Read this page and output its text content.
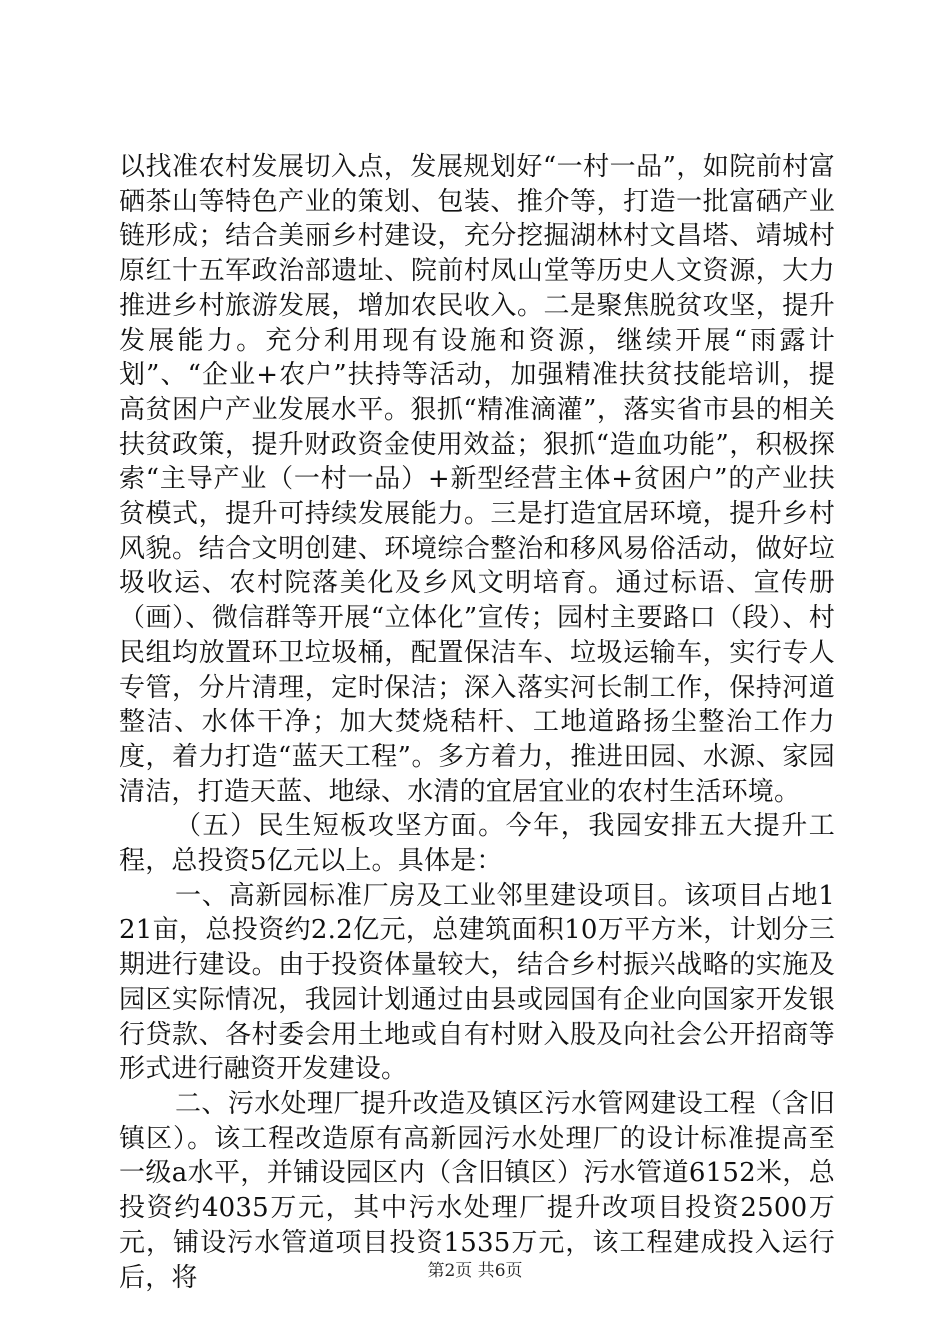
以找准农村发展切入点，发展规划好“一村一品”，如院前村富硒茶山等特色产业的策划、包装、推介等，打造一批富硒产业链形成；结合美丽乡村建设，充分挖掘湖林村文昌塔、靖城村原红十五军政治部遗址、院前村凤山堂等历史人文资源，大力推进乡村旅游发展，增加农民收入。二是聚焦脱贫攻坚，提升发展能力。充分利用现有设施和资源，继续开展“雨露计划”、“企业+农户”扶持等活动，加强精准扶贫技能培训，提高贫困户产业发展水平。狠抓“精准滴灌”，落实省市县的相关扶贫政策，提升财政资金使用效益；狠抓“造血功能”，积极探索“主导产业（一村一品）+新型经营主体+贫困户”的产业扶贫模式，提升可持续发展能力。三是打造宜居环境，提升乡村风貌。结合文明创建、环境综合整治和移风易俗活动，做好垃圾收运、农村院落美化及乡风文明培育。通过标语、宣传册（画）、微信群等开展“立体化”宣传；园村主要路口（段）、村民组均放置环卫垃圾桶，配置保洁车、垃圾运输车，实行专人专管，分片清理，定时保洁；深入落实河长制工作，保持河道整洁、水体干净；加大焚烧秸杆、工地道路扬尘整治工作力度，着力打造“蓝天工程”。多方着力，推进田园、水源、家园清洁，打造天蓝、地绿、水清的宜居宜业的农村生活环境。

（五）民生短板攻坚方面。今年，我园安排五大提升工程，总投资5亿元以上。具体是：

一、高新园标准厂房及工业邻里建设项目。该项目占地121亩，总投资约2.2亿元，总建筑面积10万平方米，计划分三期进行建设。由于投资体量较大，结合乡村振兴战略的实施及园区实际情况，我园计划通过由县或园国有企业向国家开发银行贷款、各村委会用土地或自有村财入股及向社会公开招商等形式进行融资开发建设。

二、污水处理厂提升改造及镇区污水管网建设工程（含旧镇区）。该工程改造原有高新园污水处理厂的设计标准提高至一级a水平，并铺设园区内（含旧镇区）污水管道6152米，总投资约4035万元，其中污水处理厂提升改项目投资2500万元，铺设污水管道项目投资1535万元，该工程建成投入运行后，将	第2页 共6页
